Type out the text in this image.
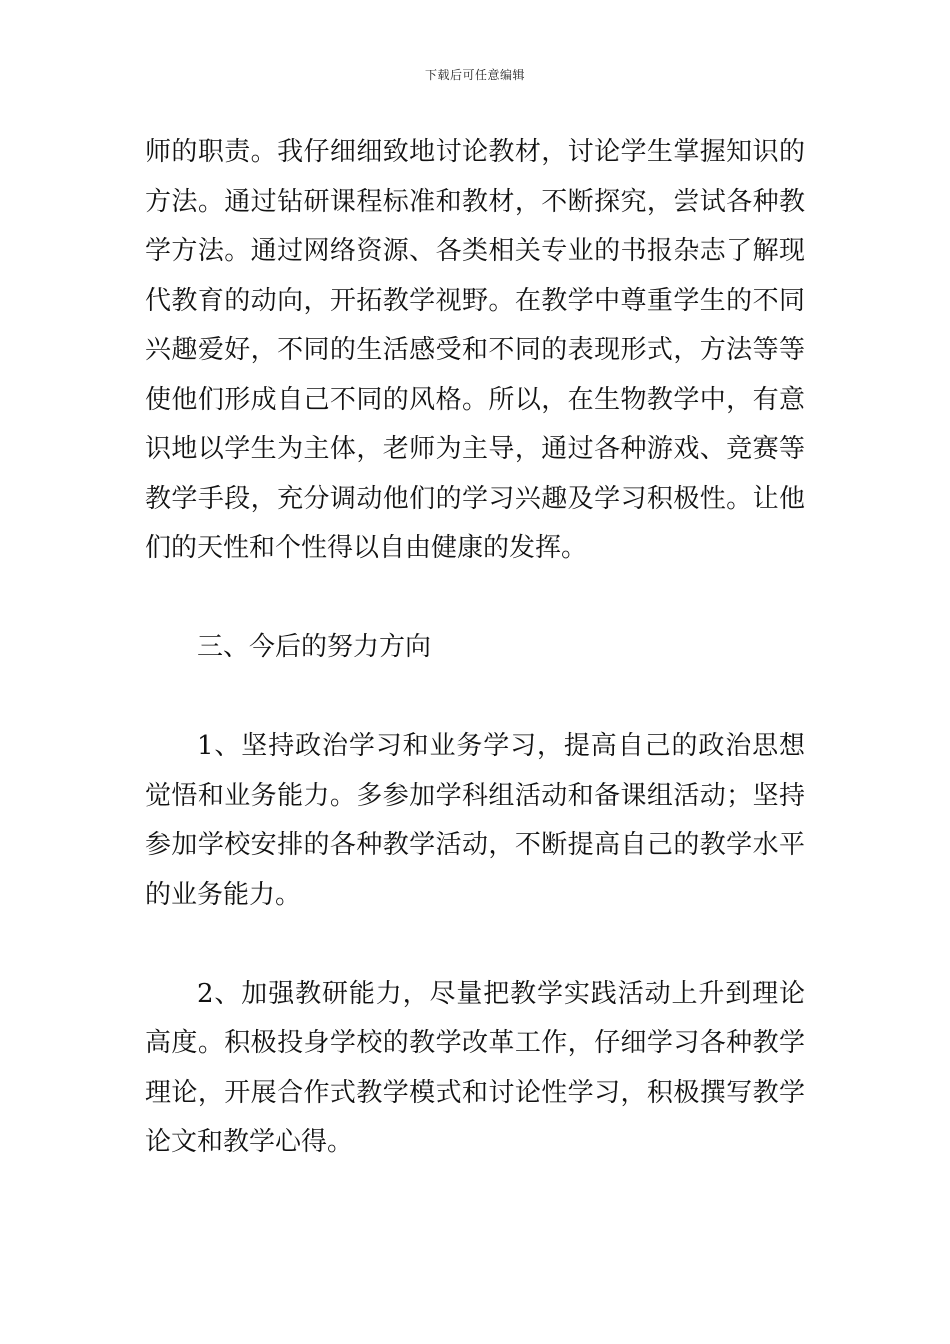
下载后可任意编辑

师的职责。我仔细细致地讨论教材，讨论学生掌握知识的方法。通过钻研课程标准和教材，不断探究，尝试各种教学方法。通过网络资源、各类相关专业的书报杂志了解现代教育的动向，开拓教学视野。在教学中尊重学生的不同兴趣爱好，不同的生活感受和不同的表现形式，方法等等使他们形成自己不同的风格。所以，在生物教学中，有意识地以学生为主体，老师为主导，通过各种游戏、竞赛等教学手段，充分调动他们的学习兴趣及学习积极性。让他们的天性和个性得以自由健康的发挥。

三、今后的努力方向

1、坚持政治学习和业务学习，提高自己的政治思想觉悟和业务能力。多参加学科组活动和备课组活动；坚持参加学校安排的各种教学活动，不断提高自己的教学水平的业务能力。

2、加强教研能力，尽量把教学实践活动上升到理论高度。积极投身学校的教学改革工作，仔细学习各种教学理论，开展合作式教学模式和讨论性学习，积极撰写教学论文和教学心得。
